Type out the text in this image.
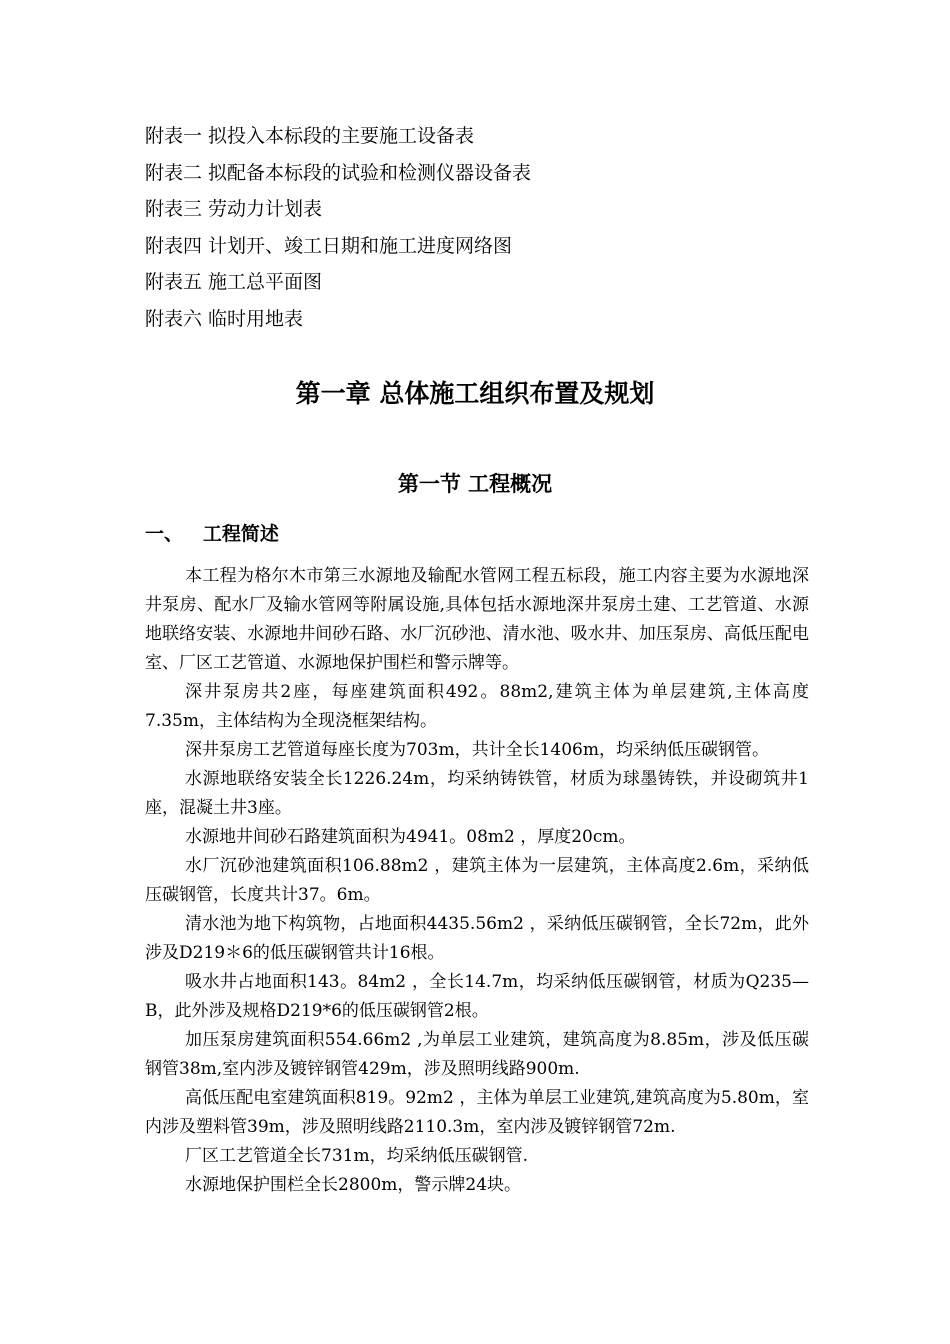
附表一 拟投入本标段的主要施工设备表
附表二 拟配备本标段的试验和检测仪器设备表
附表三 劳动力计划表
附表四 计划开、竣工日期和施工进度网络图
附表五 施工总平面图
附表六 临时用地表
第一章 总体施工组织布置及规划
第一节 工程概况
一、   工程简述

本工程为格尔木市第三水源地及输配水管网工程五标段，施工内容主要为水源地深井泵房、配水厂及输水管网等附属设施,具体包括水源地深井泵房土建、工艺管道、水源地联络安装、水源地井间砂石路、水厂沉砂池、清水池、吸水井、加压泵房、高低压配电室、厂区工艺管道、水源地保护围栏和警示牌等。

深井泵房共2座，每座建筑面积492。88m2,建筑主体为单层建筑,主体高度7.35m，主体结构为全现浇框架结构。

深井泵房工艺管道每座长度为703m，共计全长1406m，均采纳低压碳钢管。

水源地联络安装全长1226.24m，均采纳铸铁管，材质为球墨铸铁，并设砌筑井1座，混凝土井3座。

水源地井间砂石路建筑面积为4941。08m2 ，厚度20cm。

水厂沉砂池建筑面积106.88m2 ，建筑主体为一层建筑，主体高度2.6m，采纳低压碳钢管，长度共计37。6m。

清水池为地下构筑物，占地面积4435.56m2 ，采纳低压碳钢管，全长72m，此外涉及D219＊6的低压碳钢管共计16根。

吸水井占地面积143。84m2 ，全长14.7m，均采纳低压碳钢管，材质为Q235—B，此外涉及规格D219*6的低压碳钢管2根。

加压泵房建筑面积554.66m2 ,为单层工业建筑，建筑高度为8.85m，涉及低压碳钢管38m,室内涉及镀锌钢管429m，涉及照明线路900m.

高低压配电室建筑面积819。92m2 ，主体为单层工业建筑,建筑高度为5.80m，室内涉及塑料管39m，涉及照明线路2110.3m，室内涉及镀锌钢管72m.

厂区工艺管道全长731m，均采纳低压碳钢管.

水源地保护围栏全长2800m，警示牌24块。
